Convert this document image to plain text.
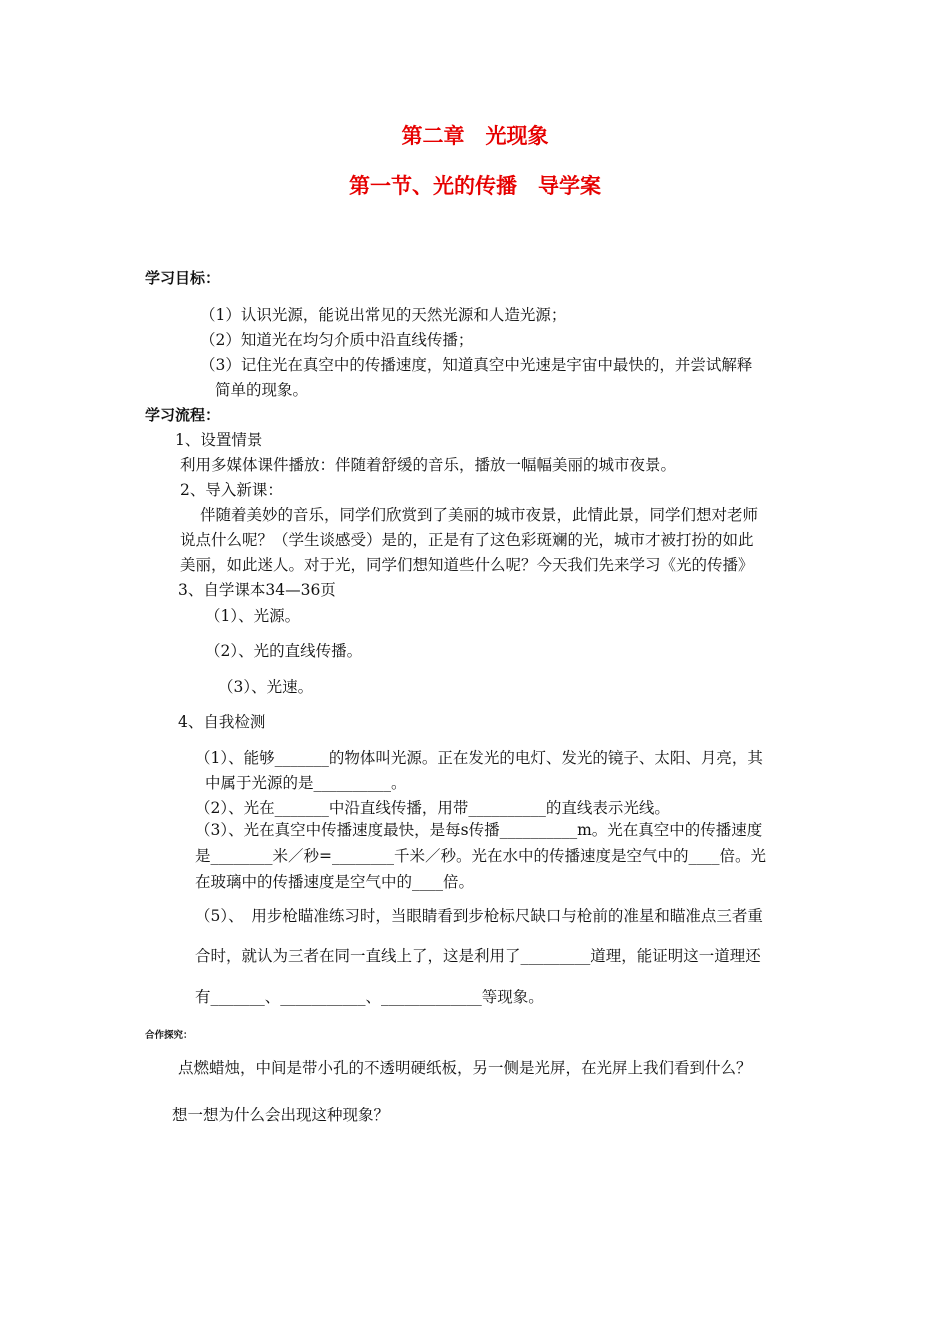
第二章　光现象
第一节、光的传播　导学案
学习目标：
（1）认识光源，能说出常见的天然光源和人造光源；
（2）知道光在均匀介质中沿直线传播；
（3）记住光在真空中的传播速度，知道真空中光速是宇宙中最快的，并尝试解释
简单的现象。
学习流程：
1、设置情景
利用多媒体课件播放：伴随着舒缓的音乐，播放一幅幅美丽的城市夜景。
2、导入新课：
伴随着美妙的音乐，同学们欣赏到了美丽的城市夜景，此情此景，同学们想对老师
说点什么呢？（学生谈感受）是的，正是有了这色彩斑斓的光，城市才被打扮的如此
美丽，如此迷人。对于光，同学们想知道些什么呢？今天我们先来学习《光的传播》
3、自学课本34—36页
（1）、光源。
（2）、光的直线传播。
（3）、光速。
4、自我检测
（1）、能够_______的物体叫光源。正在发光的电灯、发光的镜子、太阳、月亮，其
中属于光源的是__________。
（2）、光在_______中沿直线传播，用带__________的直线表示光线。
（3）、光在真空中传播速度最快，是每s传播__________m。光在真空中的传播速度
是________米／秒=________千米／秒。光在水中的传播速度是空气中的____倍。光
在玻璃中的传播速度是空气中的____倍。
（5）、　用步枪瞄准练习时，当眼睛看到步枪标尺缺口与枪前的准星和瞄准点三者重
合时，就认为三者在同一直线上了，这是利用了_________道理，能证明这一道理还
有_______、___________、_____________等现象。
合作探究：
点燃蜡烛，中间是带小孔的不透明硬纸板，另一侧是光屏，在光屏上我们看到什么？
想一想为什么会出现这种现象？
